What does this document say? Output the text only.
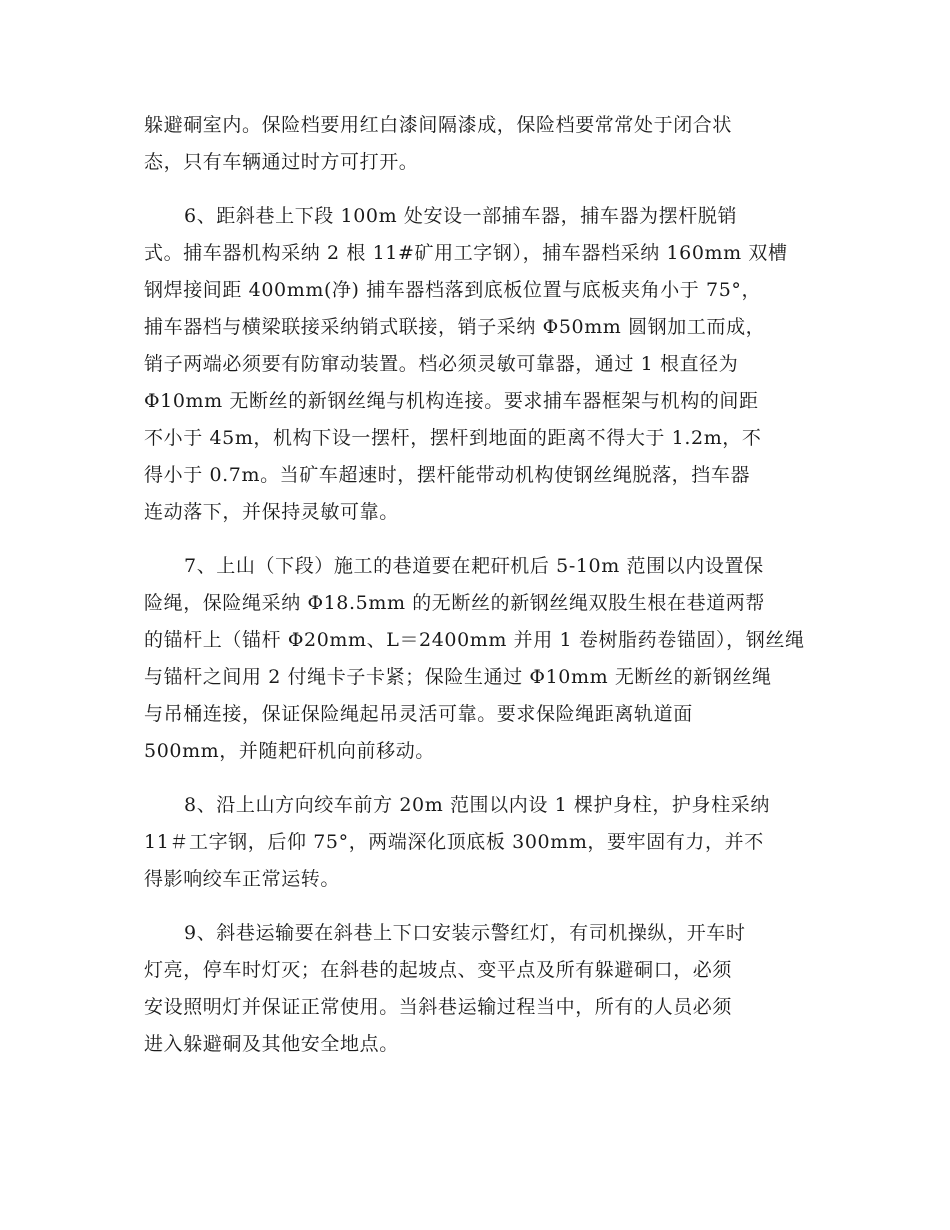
躲避硐室内。保险档要用红白漆间隔漆成，保险档要常常处于闭合状
态，只有车辆通过时方可打开。
6、距斜巷上下段 100m 处安设一部捕车器，捕车器为摆杆脱销
式。捕车器机构采纳 2 根 11#矿用工字钢），捕车器档采纳 160mm 双槽
钢焊接间距 400mm(净) 捕车器档落到底板位置与底板夹角小于 75°，
捕车器档与横梁联接采纳销式联接，销子采纳 Φ50mm 圆钢加工而成，
销子两端必须要有防窜动装置。档必须灵敏可靠器，通过 1 根直径为
Φ10mm 无断丝的新钢丝绳与机构连接。要求捕车器框架与机构的间距
不小于 45m，机构下设一摆杆，摆杆到地面的距离不得大于 1.2m，不
得小于 0.7m。当矿车超速时，摆杆能带动机构使钢丝绳脱落，挡车器
连动落下，并保持灵敏可靠。
7、上山（下段）施工的巷道要在耙矸机后 5-10m 范围以内设置保
险绳，保险绳采纳 Φ18.5mm 的无断丝的新钢丝绳双股生根在巷道两帮
的锚杆上（锚杆 Φ20mm、L＝2400mm 并用 1 卷树脂药卷锚固），钢丝绳
与锚杆之间用 2 付绳卡子卡紧；保险生通过 Φ10mm 无断丝的新钢丝绳
与吊桶连接，保证保险绳起吊灵活可靠。要求保险绳距离轨道面
500mm，并随耙矸机向前移动。
8、沿上山方向绞车前方 20m 范围以内设 1 棵护身柱，护身柱采纳
11＃工字钢，后仰 75°，两端深化顶底板 300mm，要牢固有力，并不
得影响绞车正常运转。
9、斜巷运输要在斜巷上下口安装示警红灯，有司机操纵，开车时
灯亮，停车时灯灭；在斜巷的起坡点、变平点及所有躲避硐口，必须
安设照明灯并保证正常使用。当斜巷运输过程当中，所有的人员必须
进入躲避硐及其他安全地点。
